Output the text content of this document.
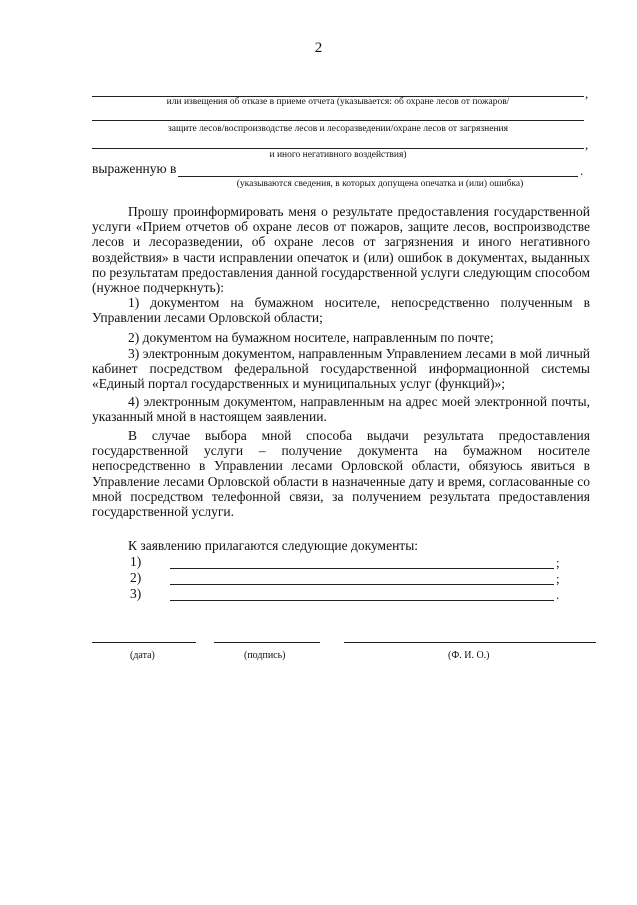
2
,
или извещения об отказе в приеме отчета (указывается: об охране лесов от пожаров/
защите лесов/воспроизводстве лесов и лесоразведении/охране лесов от загрязнения
,
и иного негативного воздействия)
выраженную в	.
(указываются сведения, в которых допущена опечатка и (или) ошибка)

Прошу проинформировать меня о результате предоставления государственной услуги «Прием отчетов об охране лесов от пожаров, защите лесов, воспроизводстве лесов и лесоразведении, об охране лесов от загрязнения и иного негативного воздействия» в части исправлении опечаток и (или) ошибок в документах, выданных по результатам предоставления данной государственной услуги следующим способом (нужное подчеркнуть):

1) документом на бумажном носителе, непосредственно полученным в Управлении лесами Орловской области;

2) документом на бумажном носителе, направленным по почте;

3) электронным документом, направленным Управлением лесами в мой личный кабинет посредством федеральной государственной информационной системы «Единый портал государственных и муниципальных услуг (функций)»;

4) электронным документом, направленным на адрес моей электронной почты, указанный мной в настоящем заявлении.

В случае выбора мной способа выдачи результата предоставления государственной услуги – получение документа на бумажном носителе непосредственно в Управлении лесами Орловской области, обязуюсь явиться в Управление лесами Орловской области в назначенные дату и время, согласованные со мной посредством телефонной связи, за получением результата предоставления государственной услуги.

К заявлению прилагаются следующие документы:
1)	;
2)	;
3)	.
(дата)	(подпись)	(Ф. И. О.)
